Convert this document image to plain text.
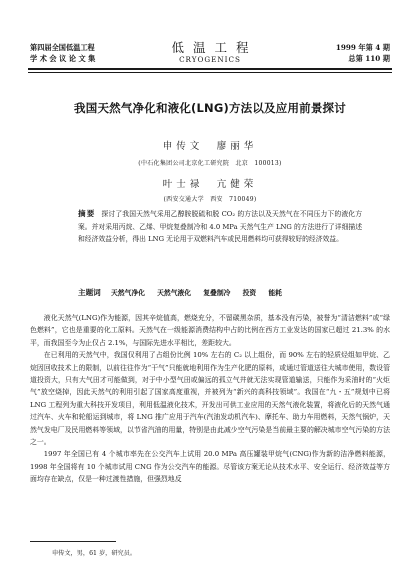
第四届全国低温工程
学 术 会 议 论 文 集
低温工程
CRYOGENICS
1999 年第 4 期
总第 110 期
我国天然气净化和液化(LNG)方法以及应用前景探讨
申传文　廖丽华
(中石化集团公司北京化工研究院　北京　100013)
叶士禄　亢健荣
(西安交通大学　西安　710049)
摘要 探讨了我国天然气采用乙醇胺脱硫和脱 CO₂ 的方法以及天然气在不同压力下的液化方案。并对采用丙烷、乙烯、甲烷复叠制冷和 4.0 MPa 天然气生产 LNG 的方法进行了详细描述和经济效益分析，得出 LNG 无论用于双燃料汽车或民用燃料均可获得较好的经济效益。
主题词 天然气净化 天然气液化 复叠制冷 投资 能耗

液化天然气(LNG)作为能源，因其辛烷值高，燃烧充分，不留碳黑杂质，基本没有污染，被誉为“清洁燃料”或“绿色燃料”，它也是重要的化工原料。天然气在一级能源消费结构中占的比例在西方工业发达的国家已超过 21.3% 的水平，而我国至今为止仅占 2.1%，与国际先进水平相比，差距较大。

在已利用的天然气中，我国仅利用了占组份比例 10% 左右的 C₂ 以上组份，而 90% 左右的轻质烃组如甲烷、乙烷因回收技术上的限制，以前往往作为“干气”只能就地利用作为生产化肥的原料，或通过管道送往大城市使用，数设管道投资大，只有大气田才可能做到，对于中小型气田或偏远的孤立气井就无法实现管道输送，只能作为采油时的“火炬气”放空烧掉，因此天然气的利用引起了国家高度重视，并被列为“新兴的高科技领域”。我国在“九・五”规划中已将 LNG 工程列为重大科技开发项目，利用低温液化技术，开发出可供工业应用的天然气液化装置，将液化后的天然气通过汽车、火车和轮船运到城市，将 LNG 推广应用于汽车(汽油发动机汽车)、摩托车、助力车用燃料，天然气锅炉，天然气发电厂及民用燃料等领域，以节省汽油的用量，特别是由此减少空气污染是当前最主要的解决城市空气污染的方法之一。

1997 年全国已有 4 个城市率先在公交汽车上试用 20.0 MPa 高压罐装甲烷气(CNG)作为新的洁净燃料能源，1998 年全国将有 10 个城市试用 CNG 作为公交汽车的能源。尽管该方案无论从技术水平、安全运行、经济效益等方面均存在缺点，仅是一种过渡性措施，但强烈地反

申传文，男，61 岁，研究员。
